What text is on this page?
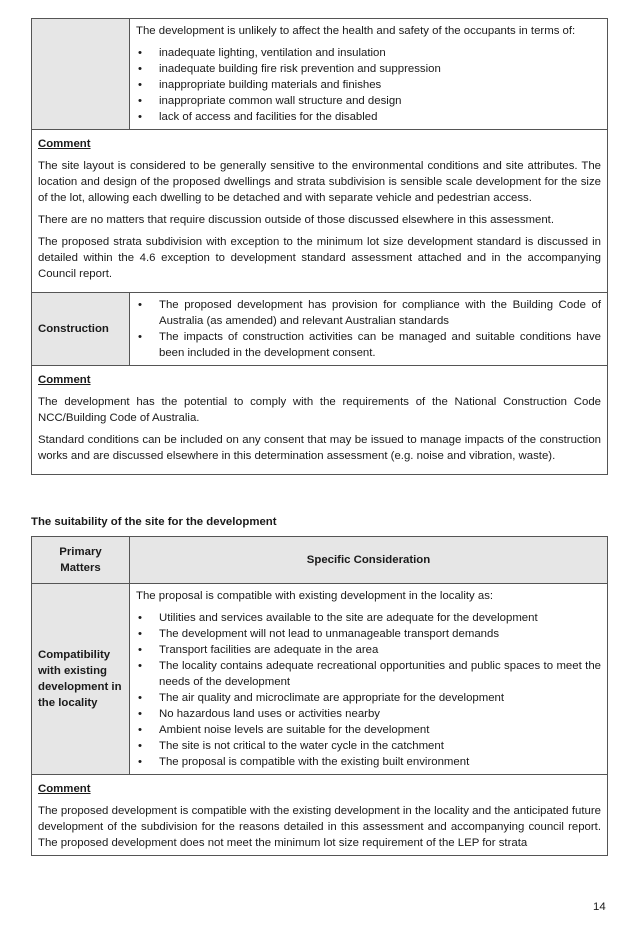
The development is unlikely to affect the health and safety of the occupants in terms of:
• inadequate lighting, ventilation and insulation
• inadequate building fire risk prevention and suppression
• inappropriate building materials and finishes
• inappropriate common wall structure and design
• lack of access and facilities for the disabled
Comment

The site layout is considered to be generally sensitive to the environmental conditions and site attributes. The location and design of the proposed dwellings and strata subdivision is sensible scale development for the size of the lot, allowing each dwelling to be detached and with separate vehicle and pedestrian access.

There are no matters that require discussion outside of those discussed elsewhere in this assessment.

The proposed strata subdivision with exception to the minimum lot size development standard is discussed in detailed within the 4.6 exception to development standard assessment attached and in the accompanying Council report.

Construction
• The proposed development has provision for compliance with the Building Code of Australia (as amended) and relevant Australian standards
• The impacts of construction activities can be managed and suitable conditions have been included in the development consent.
Comment

The development has the potential to comply with the requirements of the National Construction Code NCC/Building Code of Australia.

Standard conditions can be included on any consent that may be issued to manage impacts of the construction works and are discussed elsewhere in this determination assessment (e.g. noise and vibration, waste).

The suitability of the site for the development
Primary Matters
Specific Consideration
Compatibility with existing development in the locality
The proposal is compatible with existing development in the locality as:
• Utilities and services available to the site are adequate for the development
• The development will not lead to unmanageable transport demands
• Transport facilities are adequate in the area
• The locality contains adequate recreational opportunities and public spaces to meet the needs of the development
• The air quality and microclimate are appropriate for the development
• No hazardous land uses or activities nearby
• Ambient noise levels are suitable for the development
• The site is not critical to the water cycle in the catchment
• The proposal is compatible with the existing built environment
Comment

The proposed development is compatible with the existing development in the locality and the anticipated future development of the subdivision for the reasons detailed in this assessment and accompanying council report. The proposed development does not meet the minimum lot size requirement of the LEP for strata

14
